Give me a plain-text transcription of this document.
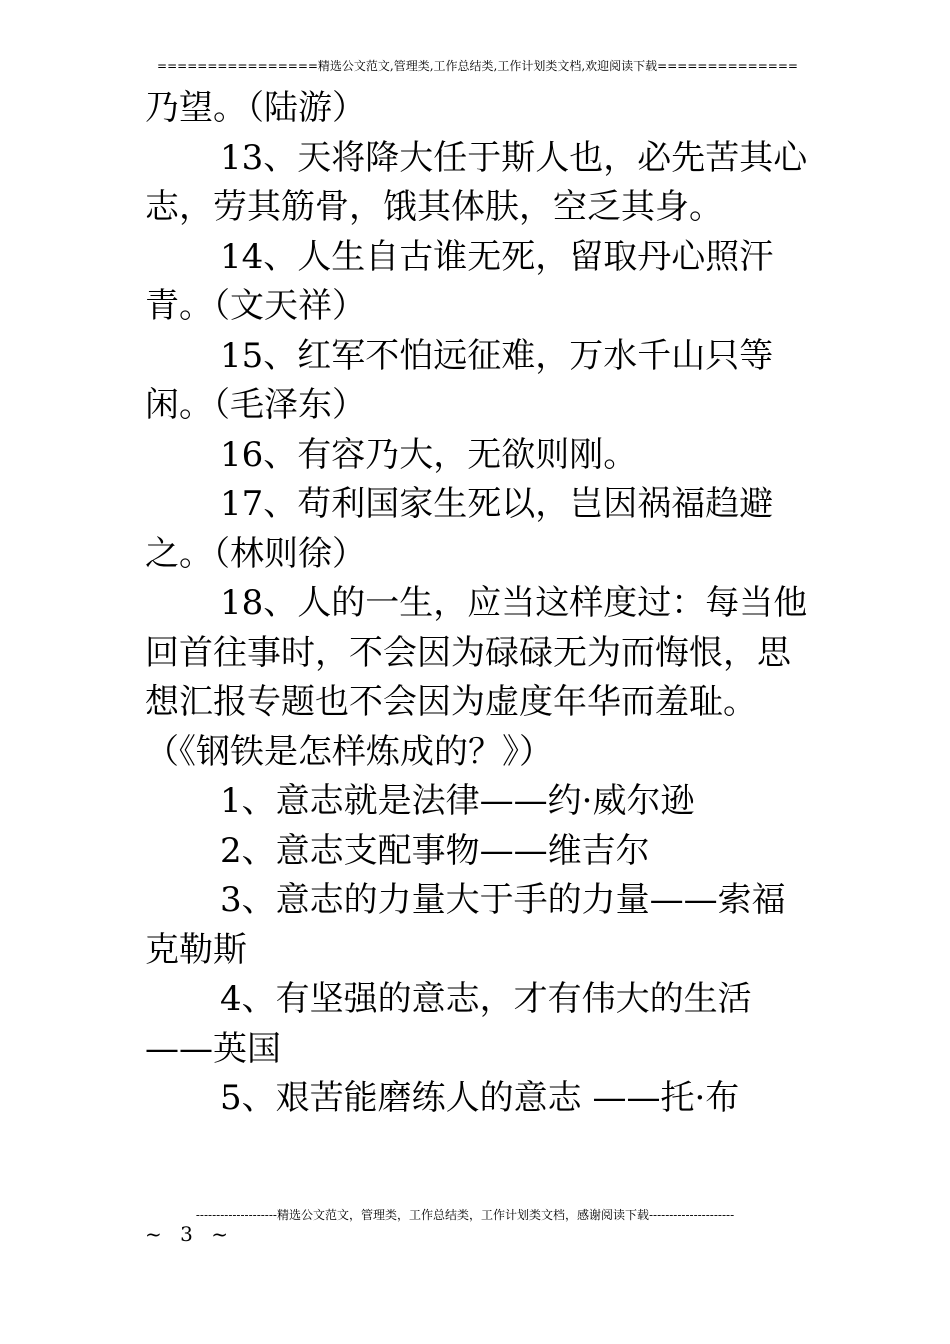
================精选公文范文,管理类,工作总结类,工作计划类文档,欢迎阅读下载==============

乃望。（陆游）

13、天将降大任于斯人也，必先苦其心志，劳其筋骨，饿其体肤，空乏其身。

14、人生自古谁无死，留取丹心照汗青。（文天祥）

15、红军不怕远征难，万水千山只等闲。（毛泽东）

16、有容乃大，无欲则刚。

17、苟利国家生死以，岂因祸福趋避之。（林则徐）

18、人的一生，应当这样度过：每当他回首往事时，不会因为碌碌无为而悔恨，思想汇报专题也不会因为虚度年华而羞耻。（《钢铁是怎样炼成的？》）

1、意志就是法律——约·威尔逊

2、意志支配事物——维吉尔

3、意志的力量大于手的力量——索福克勒斯

4、有坚强的意志，才有伟大的生活——英国

5、艰苦能磨练人的意志 ——托·布

--------------------精选公文范文，管理类，工作总结类，工作计划类文档，感谢阅读下载---------------------
~ 3 ~
